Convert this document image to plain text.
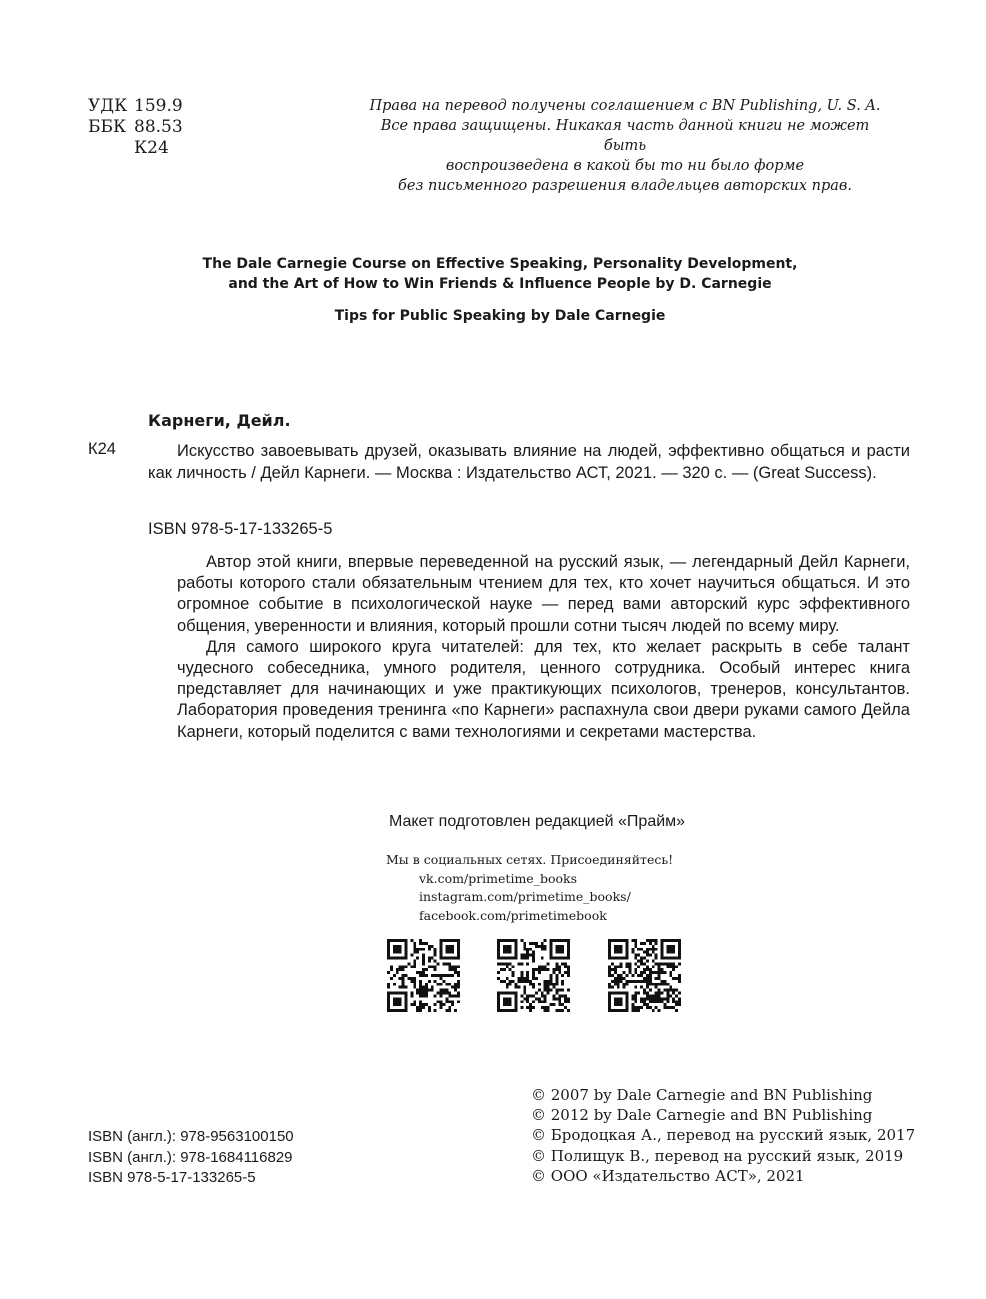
УДК 159.9
ББК 88.53
К24
Права на перевод получены соглашением с BN Publishing, U. S. A.
Все права защищены. Никакая часть данной книги не может быть
воспроизведена в какой бы то ни было форме
без письменного разрешения владельцев авторских прав.
The Dale Carnegie Course on Effective Speaking, Personality Development,
and the Art of How to Win Friends & Influence People by D. Carnegie
Tips for Public Speaking by Dale Carnegie
Карнеги, Дейл.
К24	Искусство завоевывать друзей, оказывать влияние на людей, эффективно общаться и расти как личность / Дейл Карнеги. — Москва : Издательство АСТ, 2021. — 320 с. — (Great Success).
ISBN 978-5-17-133265-5

Автор этой книги, впервые переведенной на русский язык, — легендарный Дейл Карнеги, работы которого стали обязательным чтением для тех, кто хочет научиться общаться. И это огромное событие в психологической науке — перед вами авторский курс эффективного общения, уверенности и влияния, который прошли сотни тысяч людей по всему миру.

Для самого широкого круга читателей: для тех, кто желает раскрыть в себе талант чудесного собеседника, умного родителя, ценного сотрудника. Особый интерес книга представляет для начинающих и уже практикующих психологов, тренеров, консультантов. Лаборатория проведения тренинга «по Карнеги» распахнула свои двери руками самого Дейла Карнеги, который поделится с вами технологиями и секретами мастерства.

Макет подготовлен редакцией «Прайм»
Мы в социальных сетях. Присоединяйтесь!
vk.com/primetime_books
instagram.com/primetime_books/
facebook.com/primetimebook
ISBN (англ.): 978-9563100150
ISBN (англ.): 978-1684116829
ISBN 978-5-17-133265-5
© 2007 by Dale Carnegie and BN Publishing
© 2012 by Dale Carnegie and BN Publishing
© Бродоцкая А., перевод на русский язык, 2017
© Полищук В., перевод на русский язык, 2019
© ООО «Издательство АСТ», 2021
